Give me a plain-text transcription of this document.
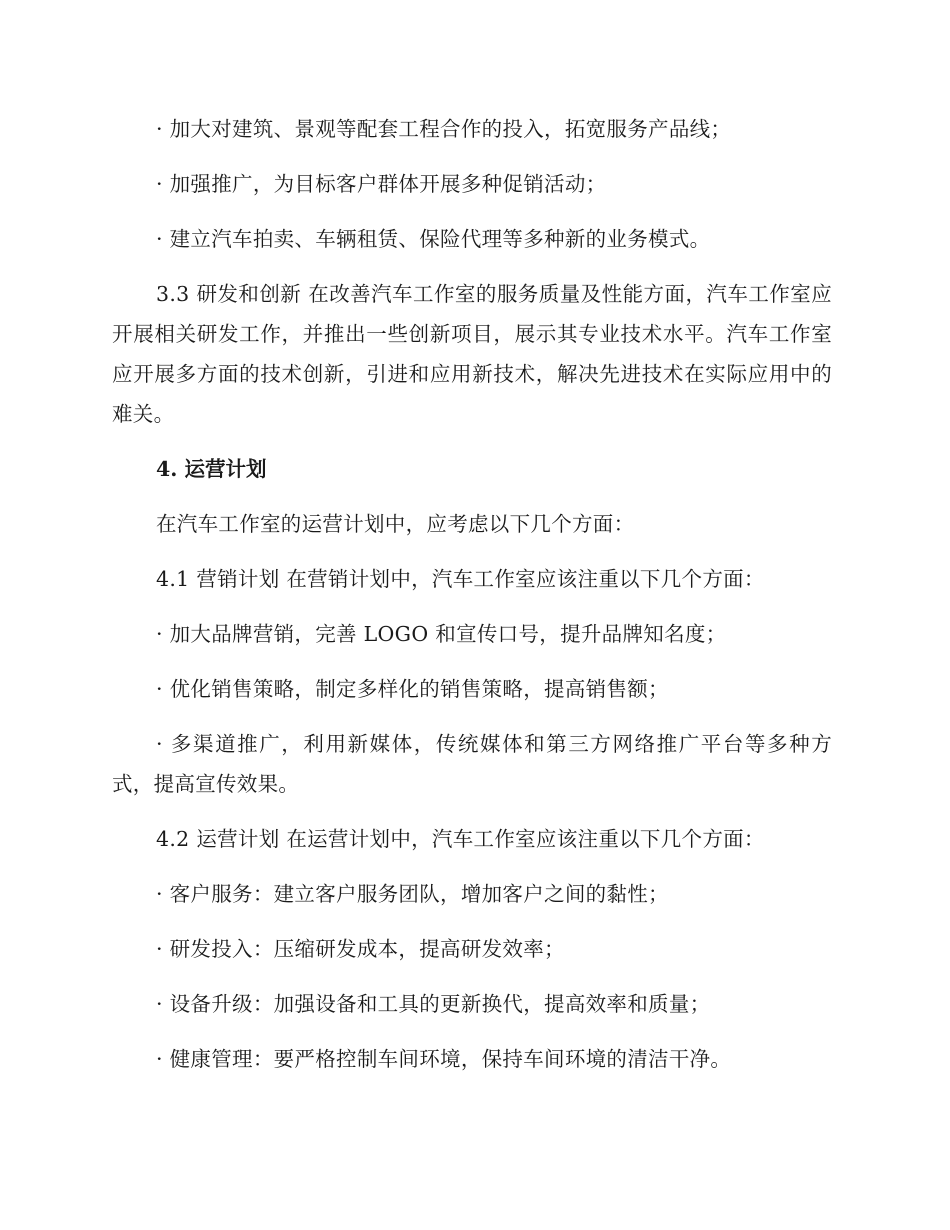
· 加大对建筑、景观等配套工程合作的投入，拓宽服务产品线；

· 加强推广，为目标客户群体开展多种促销活动；

· 建立汽车拍卖、车辆租赁、保险代理等多种新的业务模式。

3.3 研发和创新 在改善汽车工作室的服务质量及性能方面，汽车工作室应开展相关研发工作，并推出一些创新项目，展示其专业技术水平。汽车工作室应开展多方面的技术创新，引进和应用新技术，解决先进技术在实际应用中的难关。

4. 运营计划

在汽车工作室的运营计划中，应考虑以下几个方面：

4.1 营销计划 在营销计划中，汽车工作室应该注重以下几个方面：

· 加大品牌营销，完善 LOGO 和宣传口号，提升品牌知名度；

· 优化销售策略，制定多样化的销售策略，提高销售额；

· 多渠道推广，利用新媒体，传统媒体和第三方网络推广平台等多种方式，提高宣传效果。

4.2 运营计划 在运营计划中，汽车工作室应该注重以下几个方面：

· 客户服务：建立客户服务团队，增加客户之间的黏性；

· 研发投入：压缩研发成本，提高研发效率；

· 设备升级：加强设备和工具的更新换代，提高效率和质量；

· 健康管理：要严格控制车间环境，保持车间环境的清洁干净。
